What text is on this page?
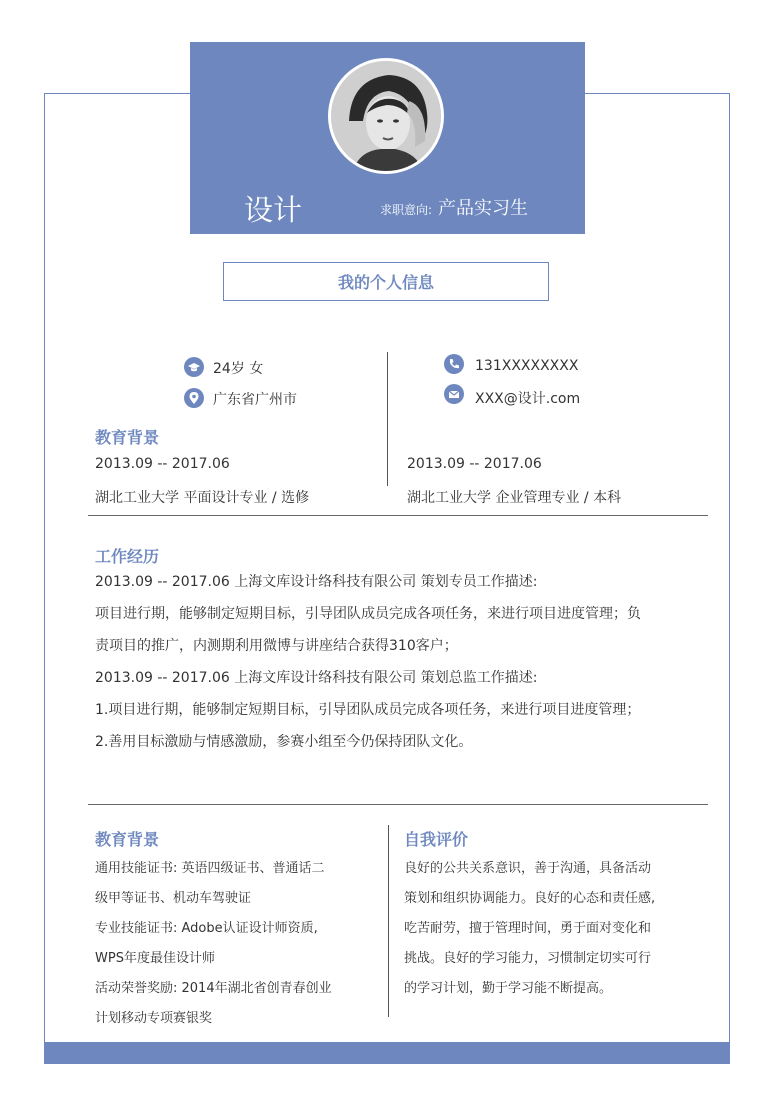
设计	求职意向: 产品实习生
我的个人信息
24岁 女
广东省广州市
131XXXXXXXX
XXX@设计.com
教育背景
2013.09 -- 2017.06
湖北工业大学 平面设计专业 / 选修
2013.09 -- 2017.06
湖北工业大学 企业管理专业 / 本科
工作经历
2013.09 -- 2017.06 上海文库设计络科技有限公司 策划专员工作描述:
项目进行期，能够制定短期目标，引导团队成员完成各项任务，来进行项目进度管理；负
责项目的推广，内测期利用微博与讲座结合获得310客户；
2013.09 -- 2017.06 上海文库设计络科技有限公司 策划总监工作描述:
1.项目进行期，能够制定短期目标，引导团队成员完成各项任务，来进行项目进度管理；
2.善用目标激励与情感激励，参赛小组至今仍保持团队文化。
教育背景
通用技能证书: 英语四级证书、普通话二
级甲等证书、机动车驾驶证
专业技能证书: Adobe认证设计师资质,
WPS年度最佳设计师
活动荣誉奖励: 2014年湖北省创青春创业
计划移动专项赛银奖
自我评价
良好的公共关系意识，善于沟通，具备活动
策划和组织协调能力。良好的心态和责任感,
吃苦耐劳，擅于管理时间，勇于面对变化和
挑战。良好的学习能力，习惯制定切实可行
的学习计划，勤于学习能不断提高。
